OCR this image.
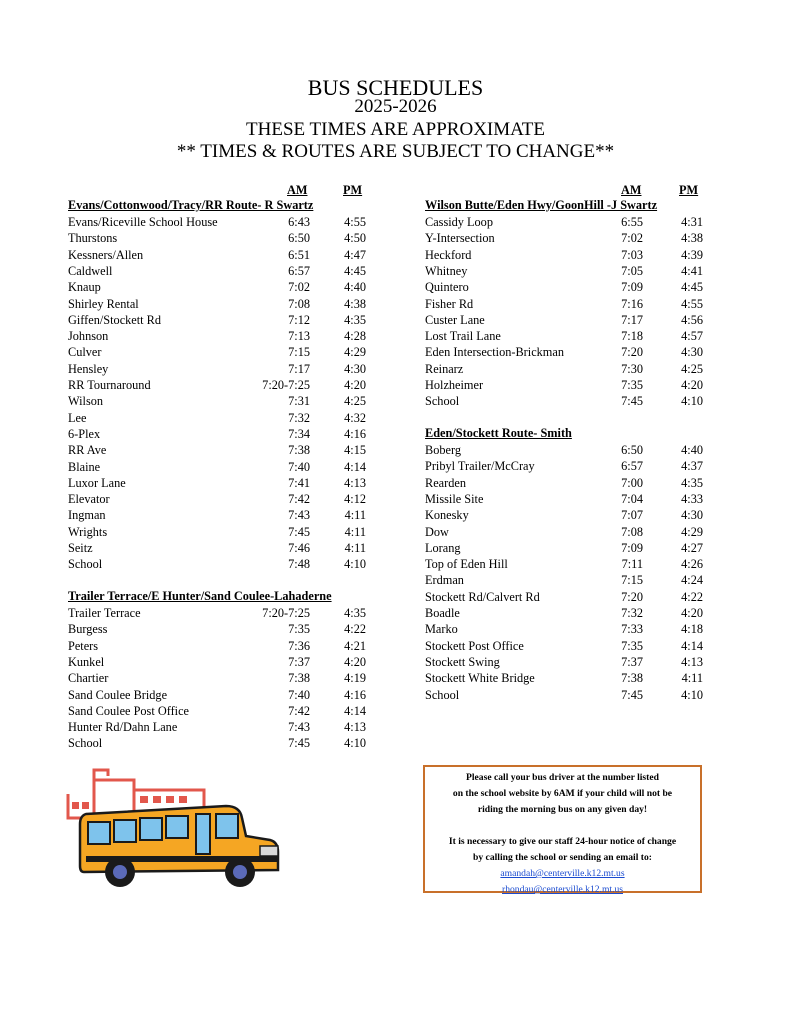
BUS SCHEDULES
2025-2026
THESE TIMES ARE APPROXIMATE
** TIMES & ROUTES ARE SUBJECT TO CHANGE**
AM	PM	AM	PM
Evans/Cottonwood/Tracy/RR Route- R Swartz
Evans/Riceville School House	6:43	4:55
Thurstons	6:50	4:50
Kessners/Allen	6:51	4:47
Caldwell	6:57	4:45
Knaup	7:02	4:40
Shirley Rental	7:08	4:38
Giffen/Stockett Rd	7:12	4:35
Johnson	7:13	4:28
Culver	7:15	4:29
Hensley	7:17	4:30
RR Tournaround	7:20-7:25	4:20
Wilson	7:31	4:25
Lee	7:32	4:32
6-Plex	7:34	4:16
RR Ave	7:38	4:15
Blaine	7:40	4:14
Luxor Lane	7:41	4:13
Elevator	7:42	4:12
Ingman	7:43	4:11
Wrights	7:45	4:11
Seitz	7:46	4:11
School	7:48	4:10
Trailer Terrace/E Hunter/Sand Coulee-Lahaderne
Trailer Terrace	7:20-7:25	4:35
Burgess	7:35	4:22
Peters	7:36	4:21
Kunkel	7:37	4:20
Chartier	7:38	4:19
Sand Coulee Bridge	7:40	4:16
Sand Coulee Post Office	7:42	4:14
Hunter Rd/Dahn Lane	7:43	4:13
School	7:45	4:10
Wilson Butte/Eden Hwy/GoonHill -J Swartz
Cassidy Loop	6:55	4:31
Y-Intersection	7:02	4:38
Heckford	7:03	4:39
Whitney	7:05	4:41
Quintero	7:09	4:45
Fisher Rd	7:16	4:55
Custer Lane	7:17	4:56
Lost Trail Lane	7:18	4:57
Eden Intersection-Brickman	7:20	4:30
Reinarz	7:30	4:25
Holzheimer	7:35	4:20
School	7:45	4:10
Eden/Stockett Route- Smith
Boberg	6:50	4:40
Pribyl Trailer/McCray	6:57	4:37
Rearden	7:00	4:35
Missile Site	7:04	4:33
Konesky	7:07	4:30
Dow	7:08	4:29
Lorang	7:09	4:27
Top of Eden Hill	7:11	4:26
Erdman	7:15	4:24
Stockett Rd/Calvert Rd	7:20	4:22
Boadle	7:32	4:20
Marko	7:33	4:18
Stockett Post Office	7:35	4:14
Stockett Swing	7:37	4:13
Stockett White Bridge	7:38	4:11
School	7:45	4:10
Please call your bus driver at the number listed
on the school website by 6AM if your child will not be
riding the morning bus on any given day!
It is necessary to give our staff 24-hour notice of change
by calling the school or sending an email to:
amandah@centerville.k12.mt.us
rhondau@centerville.k12.mt.us
